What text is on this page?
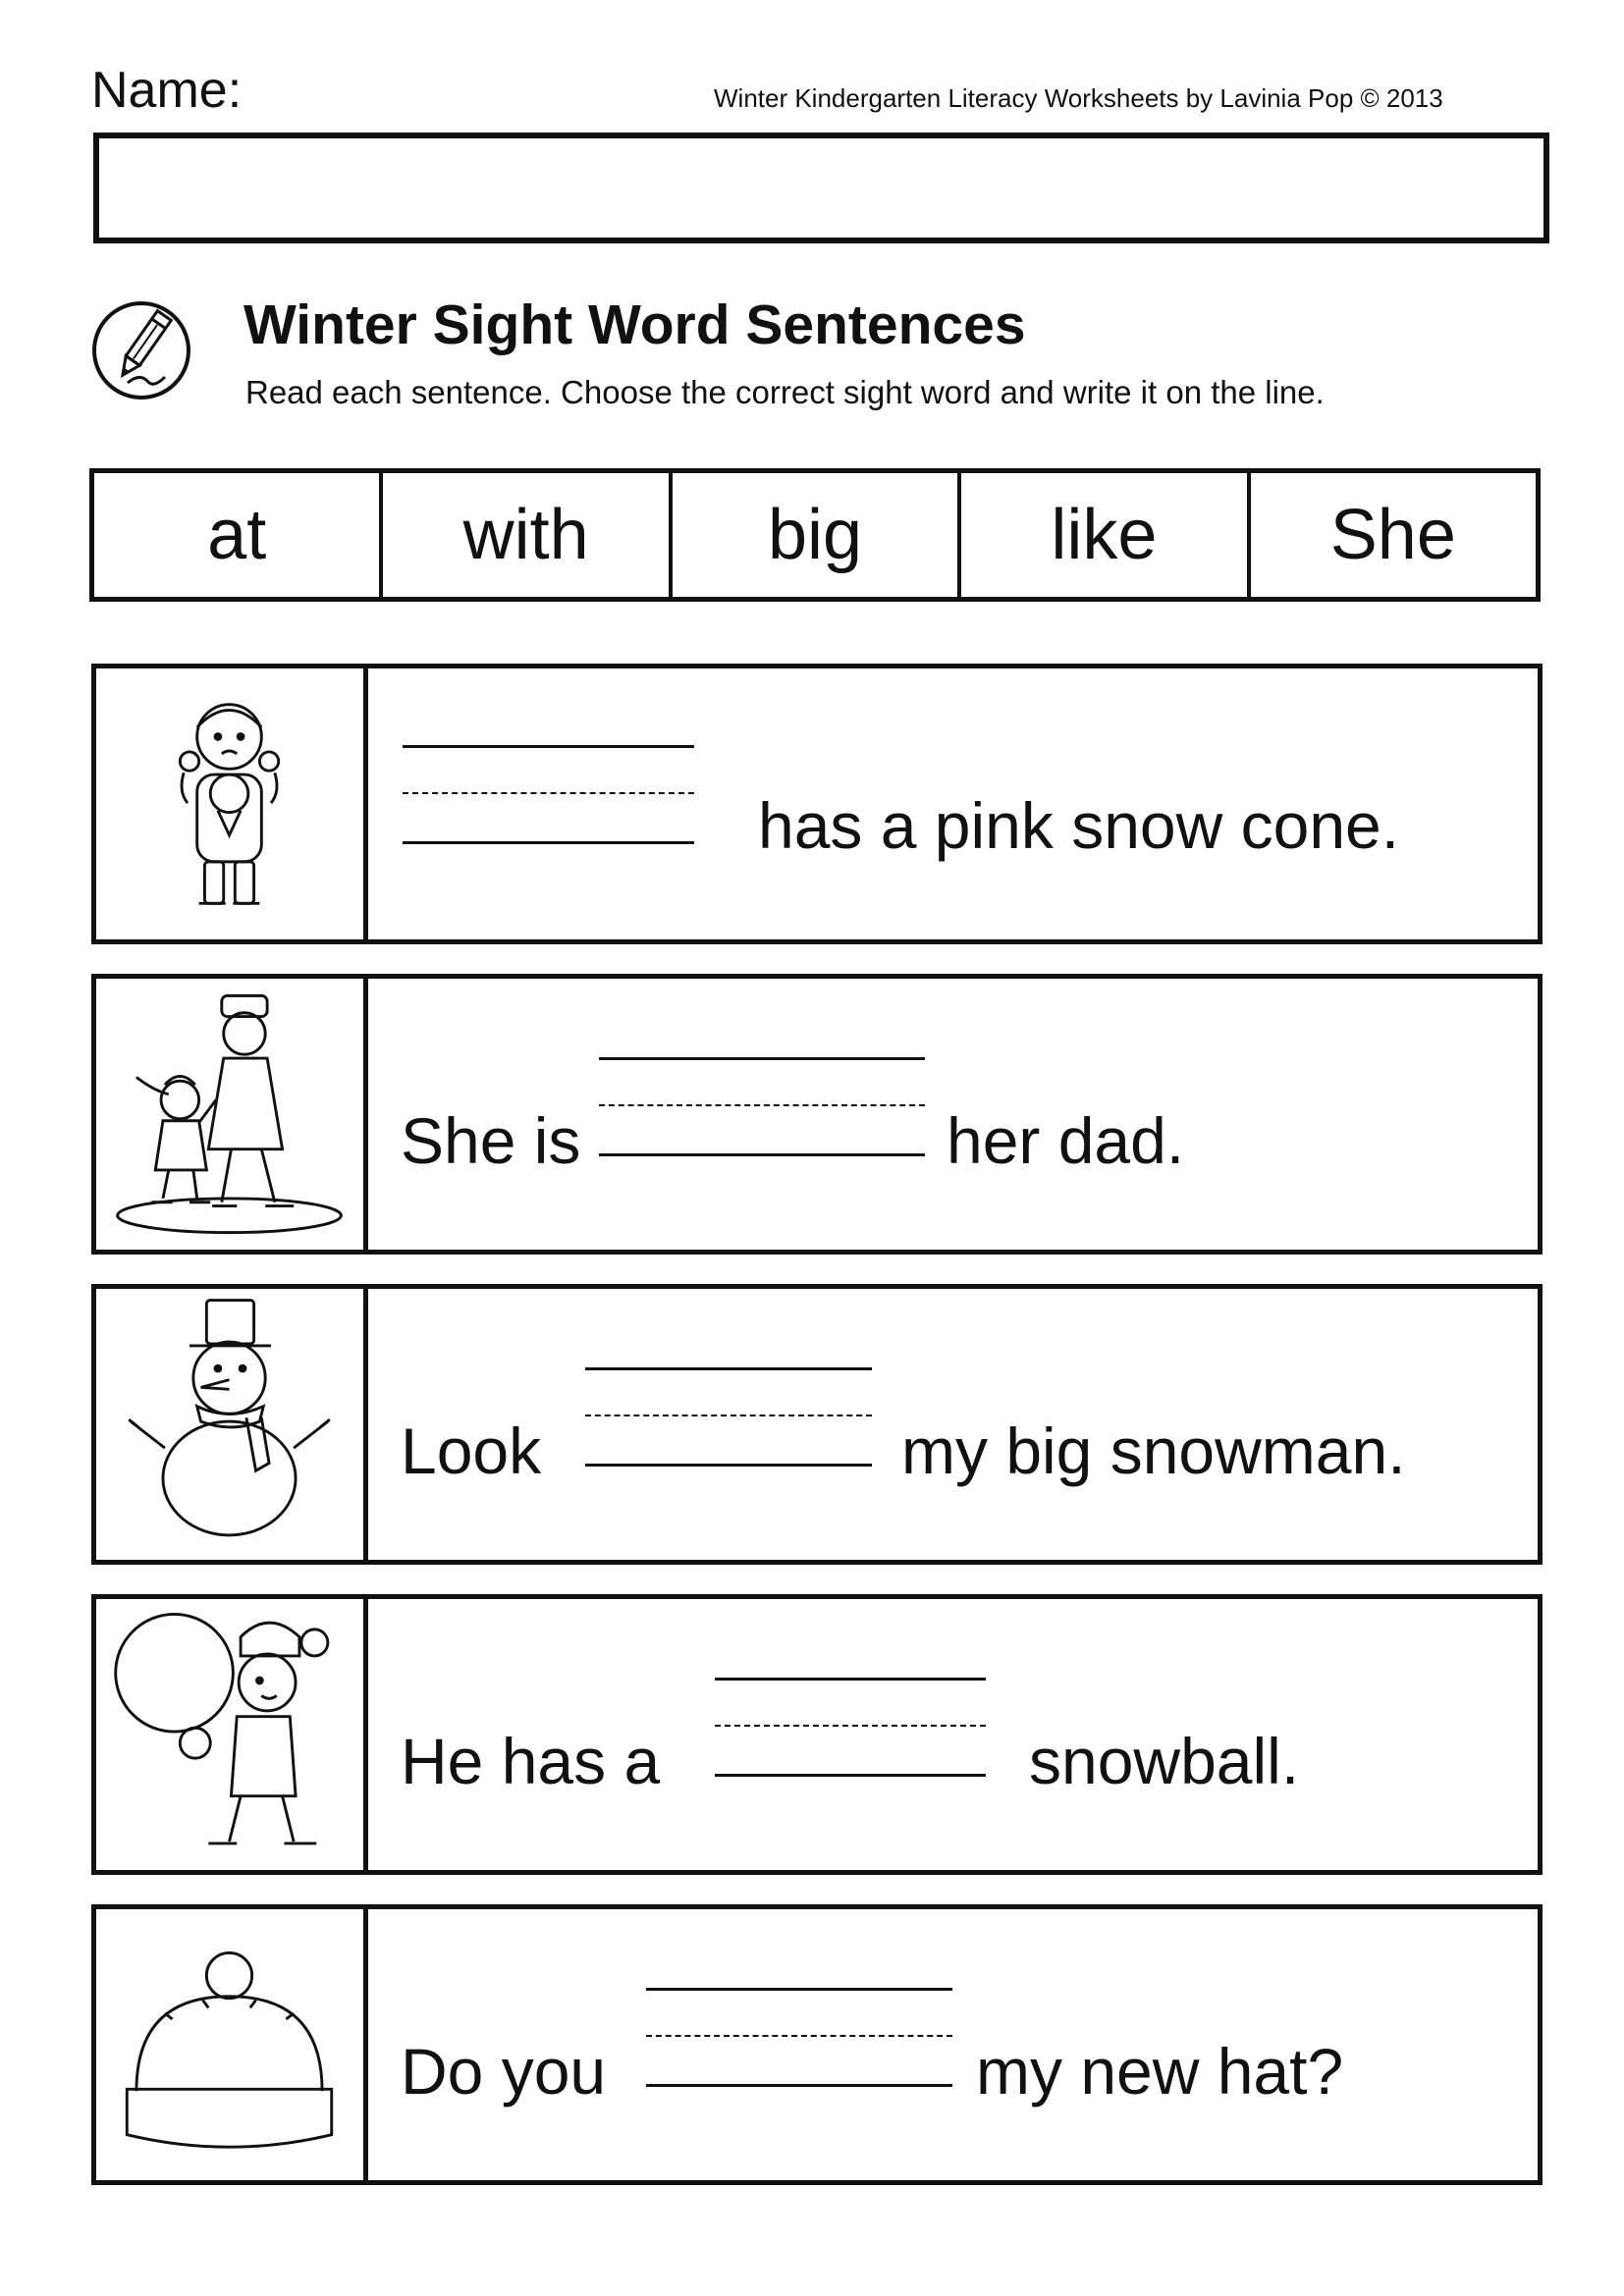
Name:	Winter Kindergarten Literacy Worksheets by Lavinia Pop © 2013
Winter Sight Word Sentences
Read each sentence. Choose the correct sight word and write it on the line.
at	with	big	like	She
has a pink snow cone.
She is	her dad.
Look	my big snowman.
He has a	snowball.
Do you	my new hat?
